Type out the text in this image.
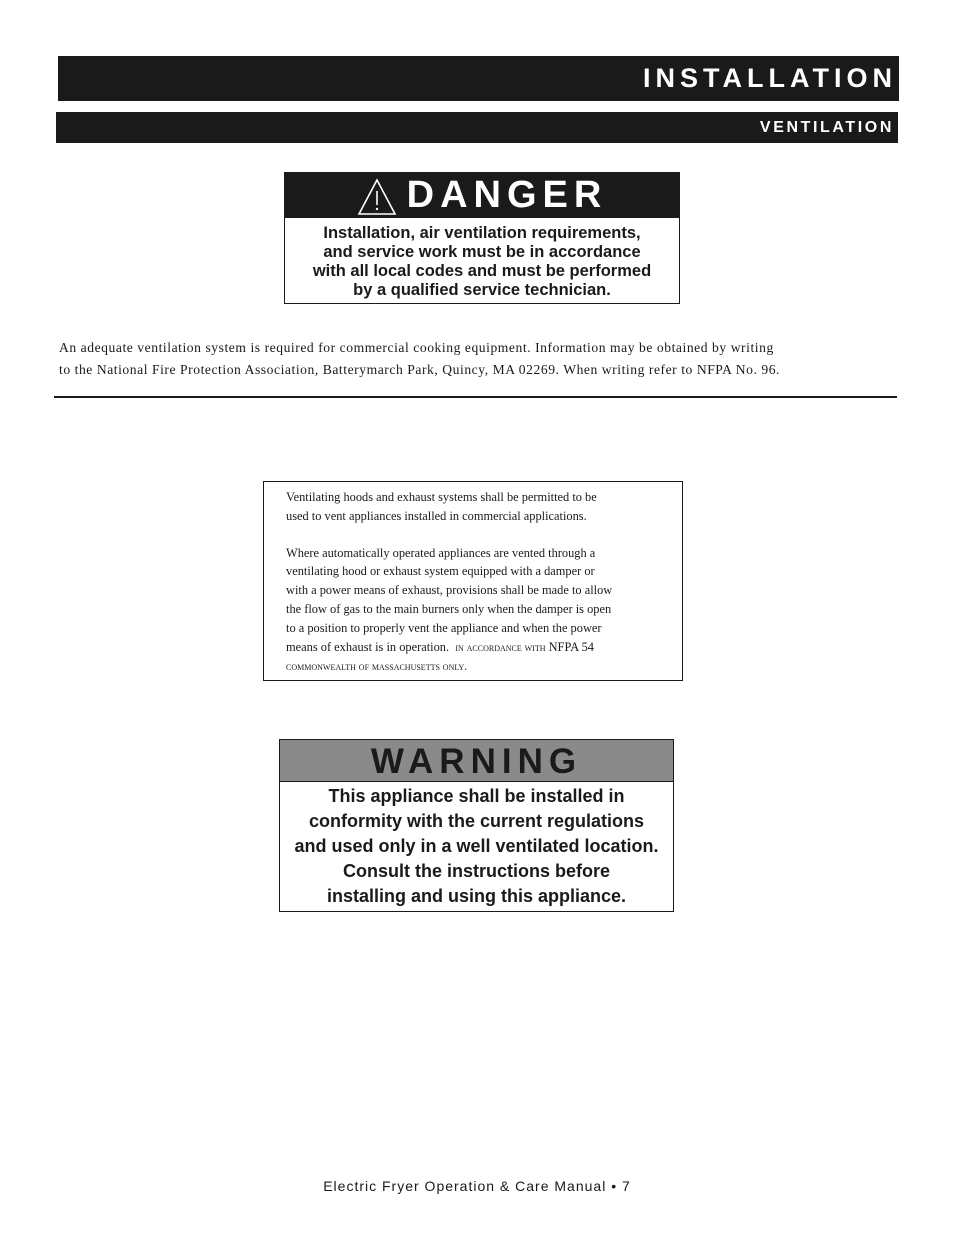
INSTALLATION
VENTILATION
DANGER
Installation, air ventilation requirements,
and service work must be in accordance
with all local codes and must be performed
by a qualified service technician.
An adequate ventilation system is required for commercial cooking equipment. Information may be obtained by writing
to the National Fire Protection Association, Batterymarch Park, Quincy, MA 02269. When writing refer to NFPA No. 96.

Ventilating hoods and exhaust systems shall be permitted to be
used to vent appliances installed in commercial applications.

Where automatically operated appliances are vented through a
ventilating hood or exhaust system equipped with a damper or
with a power means of exhaust, provisions shall be made to allow
the flow of gas to the main burners only when the damper is open
to a position to properly vent the appliance and when the power
means of exhaust is in operation. in accordance with NFPA 54
commonwealth of massachusetts only.

WARNING
This appliance shall be installed in
conformity with the current regulations
and used only in a well ventilated location.
Consult the instructions before
installing and using this appliance.
Electric Fryer Operation & Care Manual • 7
